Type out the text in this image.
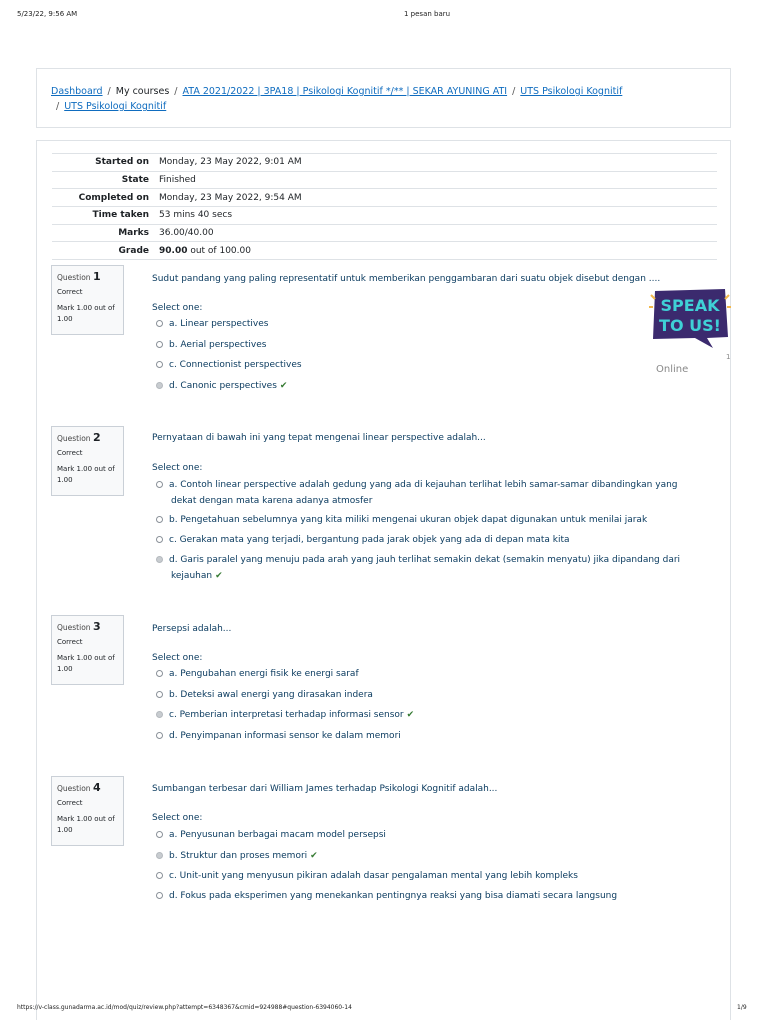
5/23/22, 9:56 AM	1 pesan baru
Dashboard / My courses / ATA 2021/2022 | 3PA18 | Psikologi Kognitif */** | SEKAR AYUNING ATI / UTS Psikologi Kognitif
/ UTS Psikologi Kognitif
Started on	Monday, 23 May 2022, 9:01 AM
State	Finished
Completed on	Monday, 23 May 2022, 9:54 AM
Time taken	53 mins 40 secs
Marks	36.00/40.00
Grade	90.00 out of 100.00
Question 1
Correct
Mark 1.00 out of 1.00
Sudut pandang yang paling representatif untuk memberikan penggambaran dari suatu objek disebut dengan ....
Select one:
a. Linear perspectives
b. Aerial perspectives
c. Connectionist perspectives
d. Canonic perspectives ✔
Question 2
Correct
Mark 1.00 out of 1.00
Pernyataan di bawah ini yang tepat mengenai linear perspective adalah...
Select one:
a. Contoh linear perspective adalah gedung yang ada di kejauhan terlihat lebih samar-samar dibandingkan yang dekat dengan mata karena adanya atmosfer
b. Pengetahuan sebelumnya yang kita miliki mengenai ukuran objek dapat digunakan untuk menilai jarak
c. Gerakan mata yang terjadi, bergantung pada jarak objek yang ada di depan mata kita
d. Garis paralel yang menuju pada arah yang jauh terlihat semakin dekat (semakin menyatu) jika dipandang dari kejauhan ✔
Question 3
Correct
Mark 1.00 out of 1.00
Persepsi adalah...
Select one:
a. Pengubahan energi fisik ke energi saraf
b. Deteksi awal energi yang dirasakan indera
c. Pemberian interpretasi terhadap informasi sensor ✔
d. Penyimpanan informasi sensor ke dalam memori
Question 4
Correct
Mark 1.00 out of 1.00
Sumbangan terbesar dari William James terhadap Psikologi Kognitif adalah...
Select one:
a. Penyusunan berbagai macam model persepsi
b. Struktur dan proses memori ✔
c. Unit-unit yang menyusun pikiran adalah dasar pengalaman mental yang lebih kompleks
d. Fokus pada eksperimen yang menekankan pentingnya reaksi yang bisa diamati secara langsung
SPEAK
TO US!
1
Online
https://v-class.gunadarma.ac.id/mod/quiz/review.php?attempt=6348367&cmid=924988#question-6394060-14	1/9
